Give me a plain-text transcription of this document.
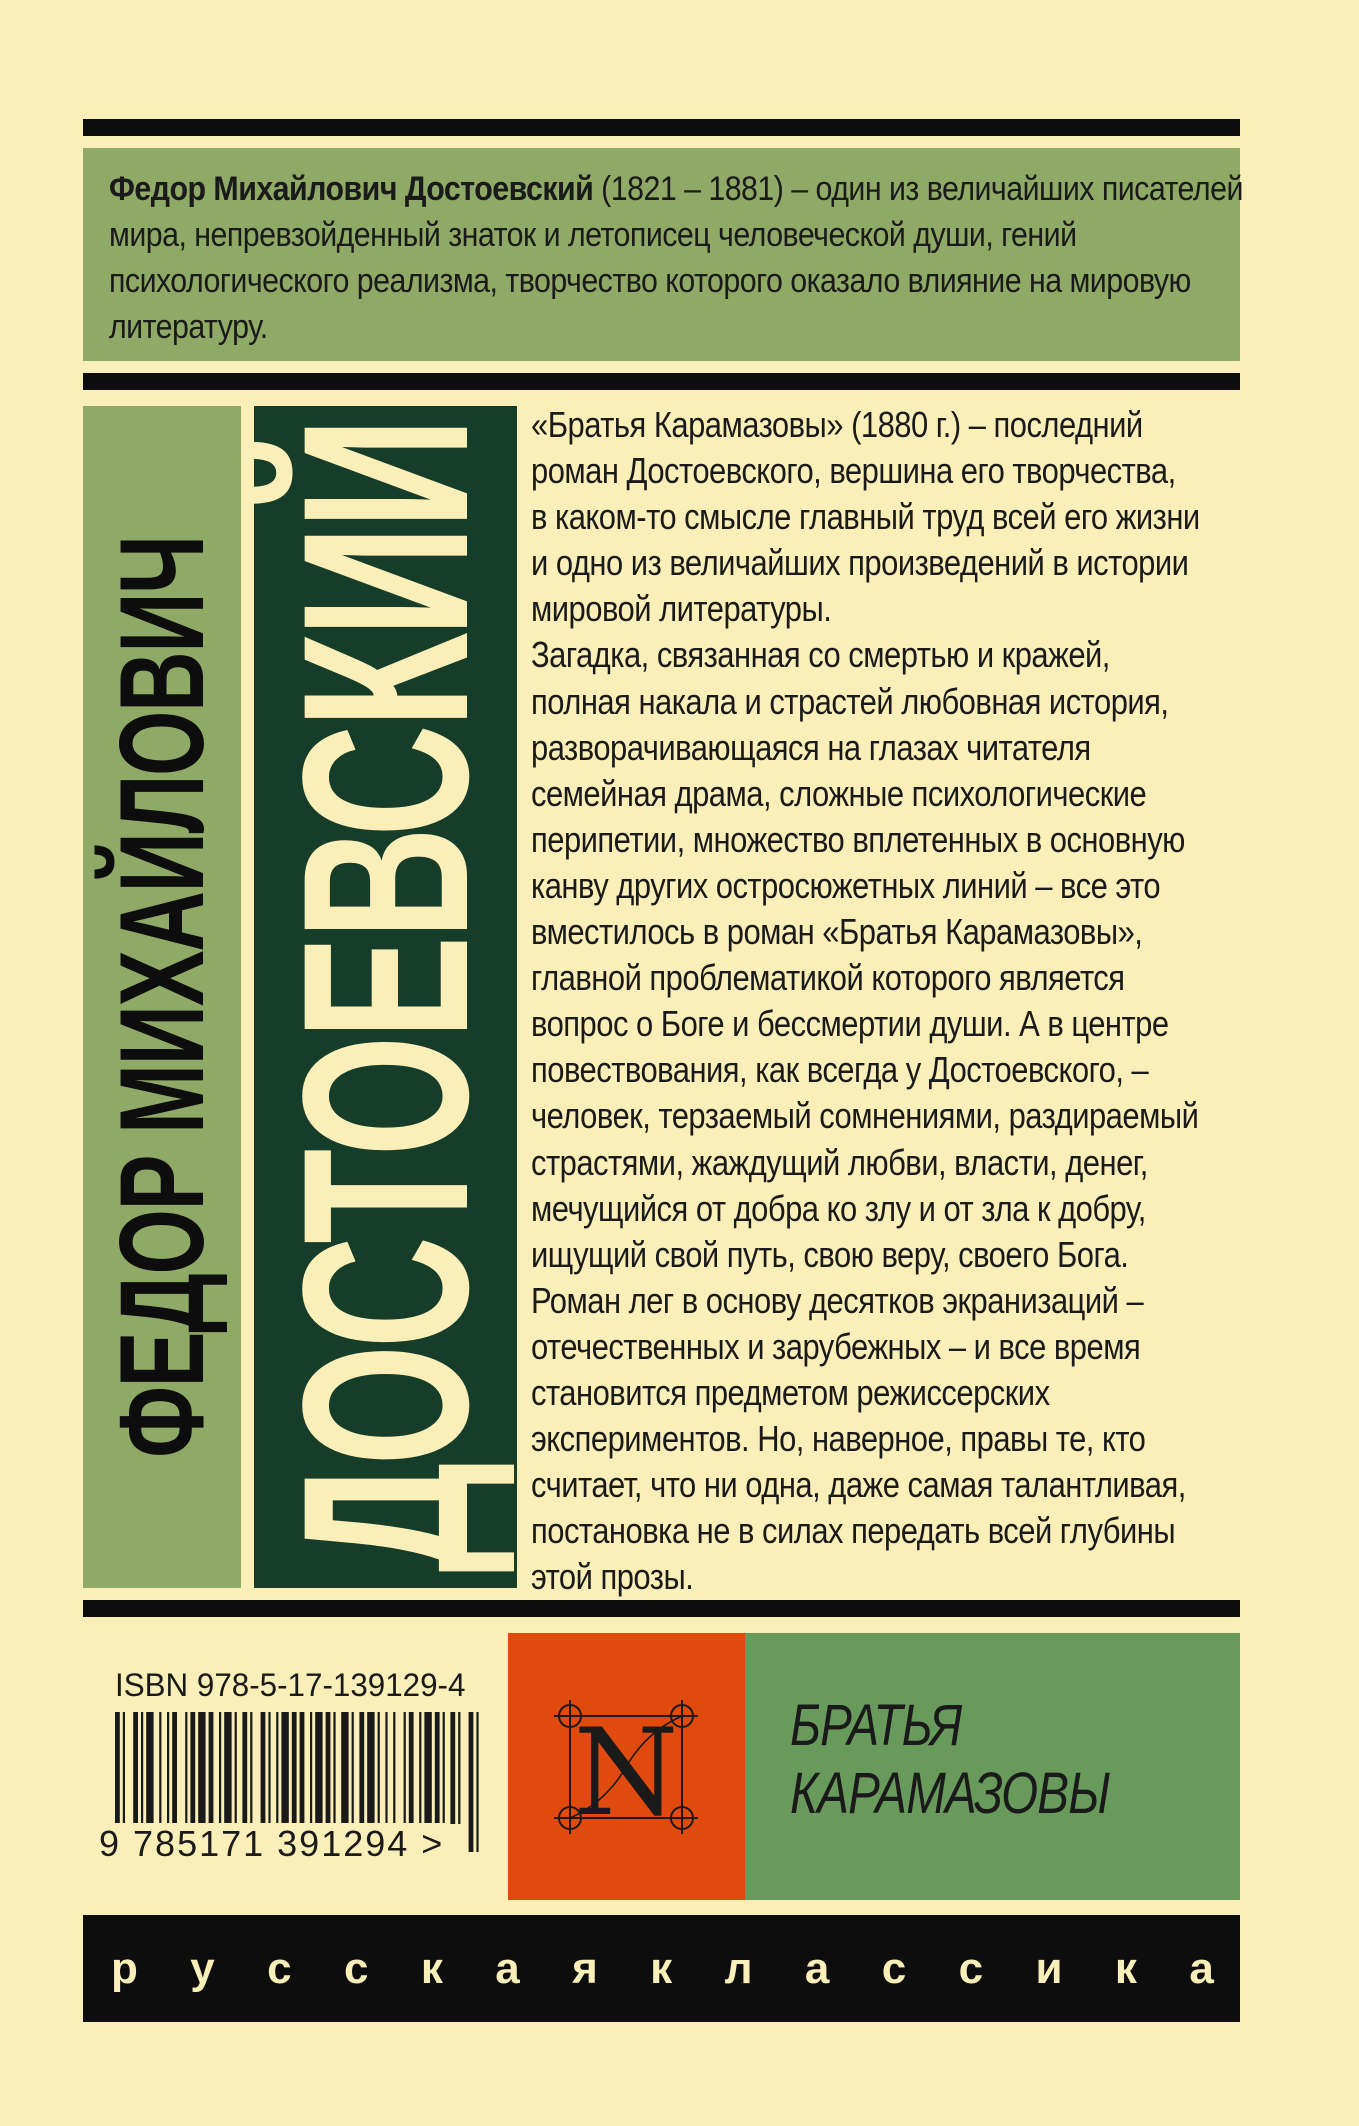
Федор Михайлович Достоевский (1821 – 1881) – один из величайших писателей мира, непревзойденный знаток и летописец человеческой души, гений психологического реализма, творчество которого оказало влияние на мировую литературу.

ФЕДОР МИХАЙЛОВИЧ ДОСТОЕВСКИЙ «Братья Карамазовы» (1880 г.) – последний
роман Достоевского, вершина его творчества,
в каком-то смысле главный труд всей его жизни
и одно из величайших произведений в истории
мировой литературы.
Загадка, связанная со смертью и кражей,
полная накала и страстей любовная история,
разворачивающаяся на глазах читателя
семейная драма, сложные психологические
перипетии, множество вплетенных в основную
канву других остросюжетных линий – все это
вместилось в роман «Братья Карамазовы»,
главной проблематикой которого является
вопрос о Боге и бессмертии души. А в центре
повествования, как всегда у Достоевского, –
человек, терзаемый сомнениями, раздираемый
страстями, жаждущий любви, власти, денег,
мечущийся от добра ко злу и от зла к добру,
ищущий свой путь, свою веру, своего Бога.
Роман лег в основу десятков экранизаций –
отечественных и зарубежных – и все время
становится предметом режиссерских
экспериментов. Но, наверное, правы те, кто
считает, что ни одна, даже самая талантливая,
постановка не в силах передать всей глубины
этой прозы.

ISBN 978-5-17-139129-4
9 785171 391294 >
N БРАТЬЯ
КАРАМАЗОВЫ

р у с с к а я к л а с с и к а
